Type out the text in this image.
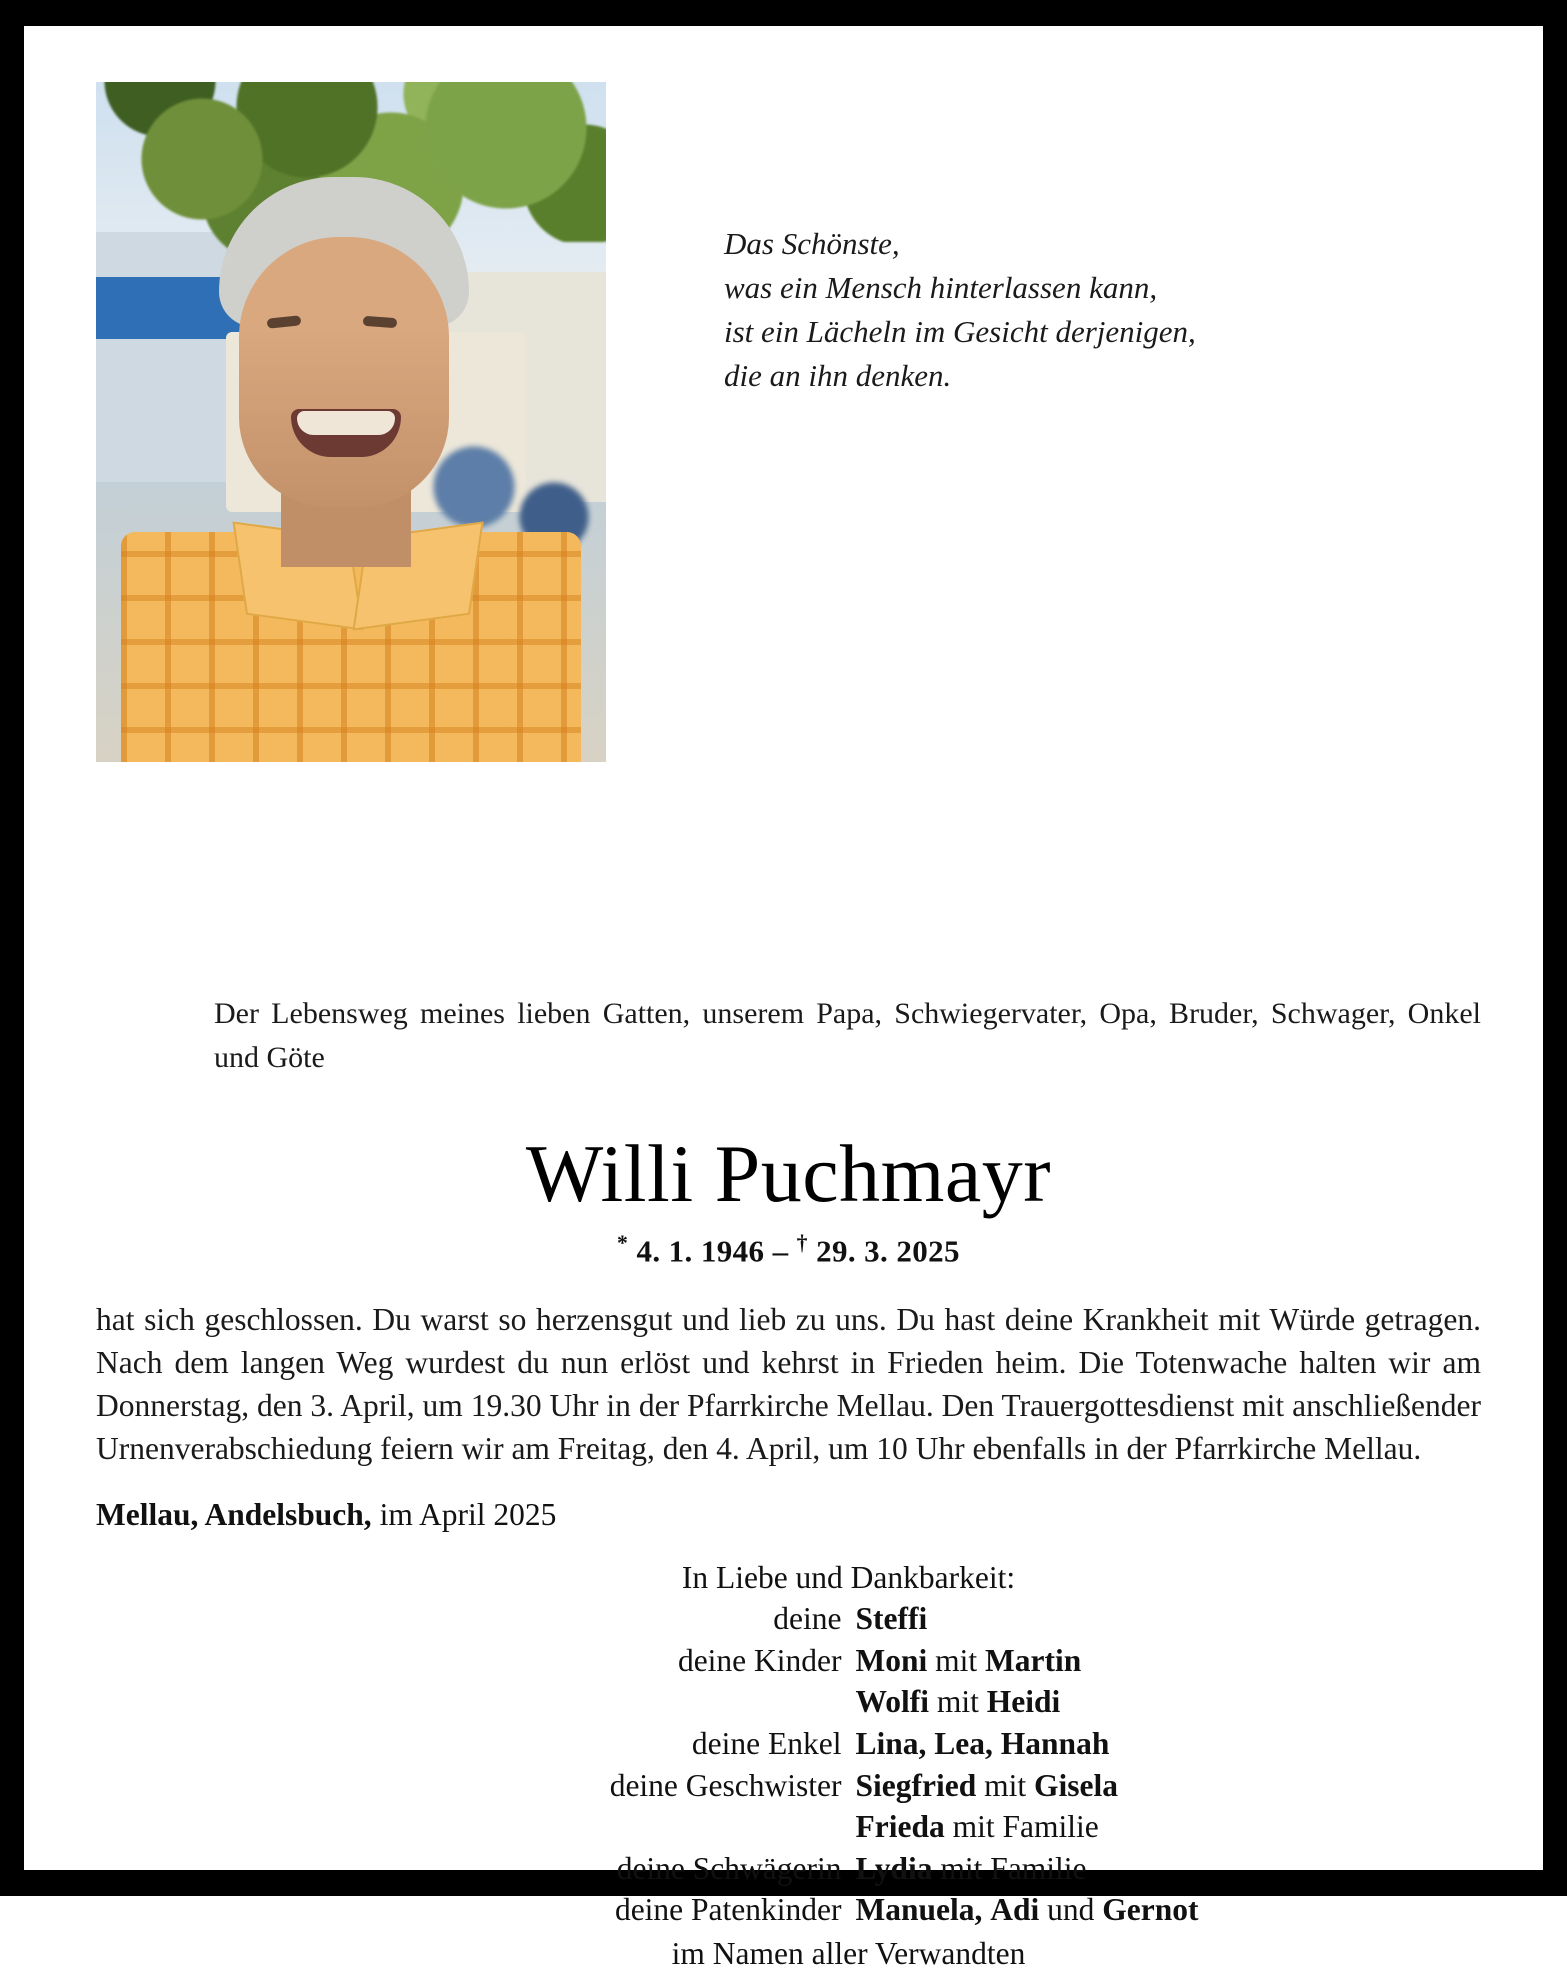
Das Schönste,

was ein Mensch hinterlassen kann,

ist ein Lächeln im Gesicht derjenigen,

die an ihn denken.

Der Lebensweg meines lieben Gatten, unserem Papa, Schwiegervater, Opa, Bruder, Schwager, Onkel und Göte
Willi Puchmayr
* 4. 1. 1946 – † 29. 3. 2025
hat sich geschlossen. Du warst so herzensgut und lieb zu uns. Du hast deine Krankheit mit Würde getragen. Nach dem langen Weg wurdest du nun erlöst und kehrst in Frieden heim. Die Totenwache halten wir am Donnerstag, den 3. April, um 19.30 Uhr in der Pfarrkirche Mellau. Den Trauergottesdienst mit anschließender Urnenverabschiedung feiern wir am Freitag, den 4. April, um 10 Uhr ebenfalls in der Pfarrkirche Mellau.
Mellau, Andelsbuch, im April 2025
In Liebe und Dankbarkeit:
deine Steffi
deine Kinder Moni mit Martin
Wolfi mit Heidi
deine Enkel Lina, Lea, Hannah
deine Geschwister Siegfried mit Gisela
Frieda mit Familie
deine Schwägerin Lydia mit Familie
deine Patenkinder Manuela, Adi und Gernot
im Namen aller Verwandten
